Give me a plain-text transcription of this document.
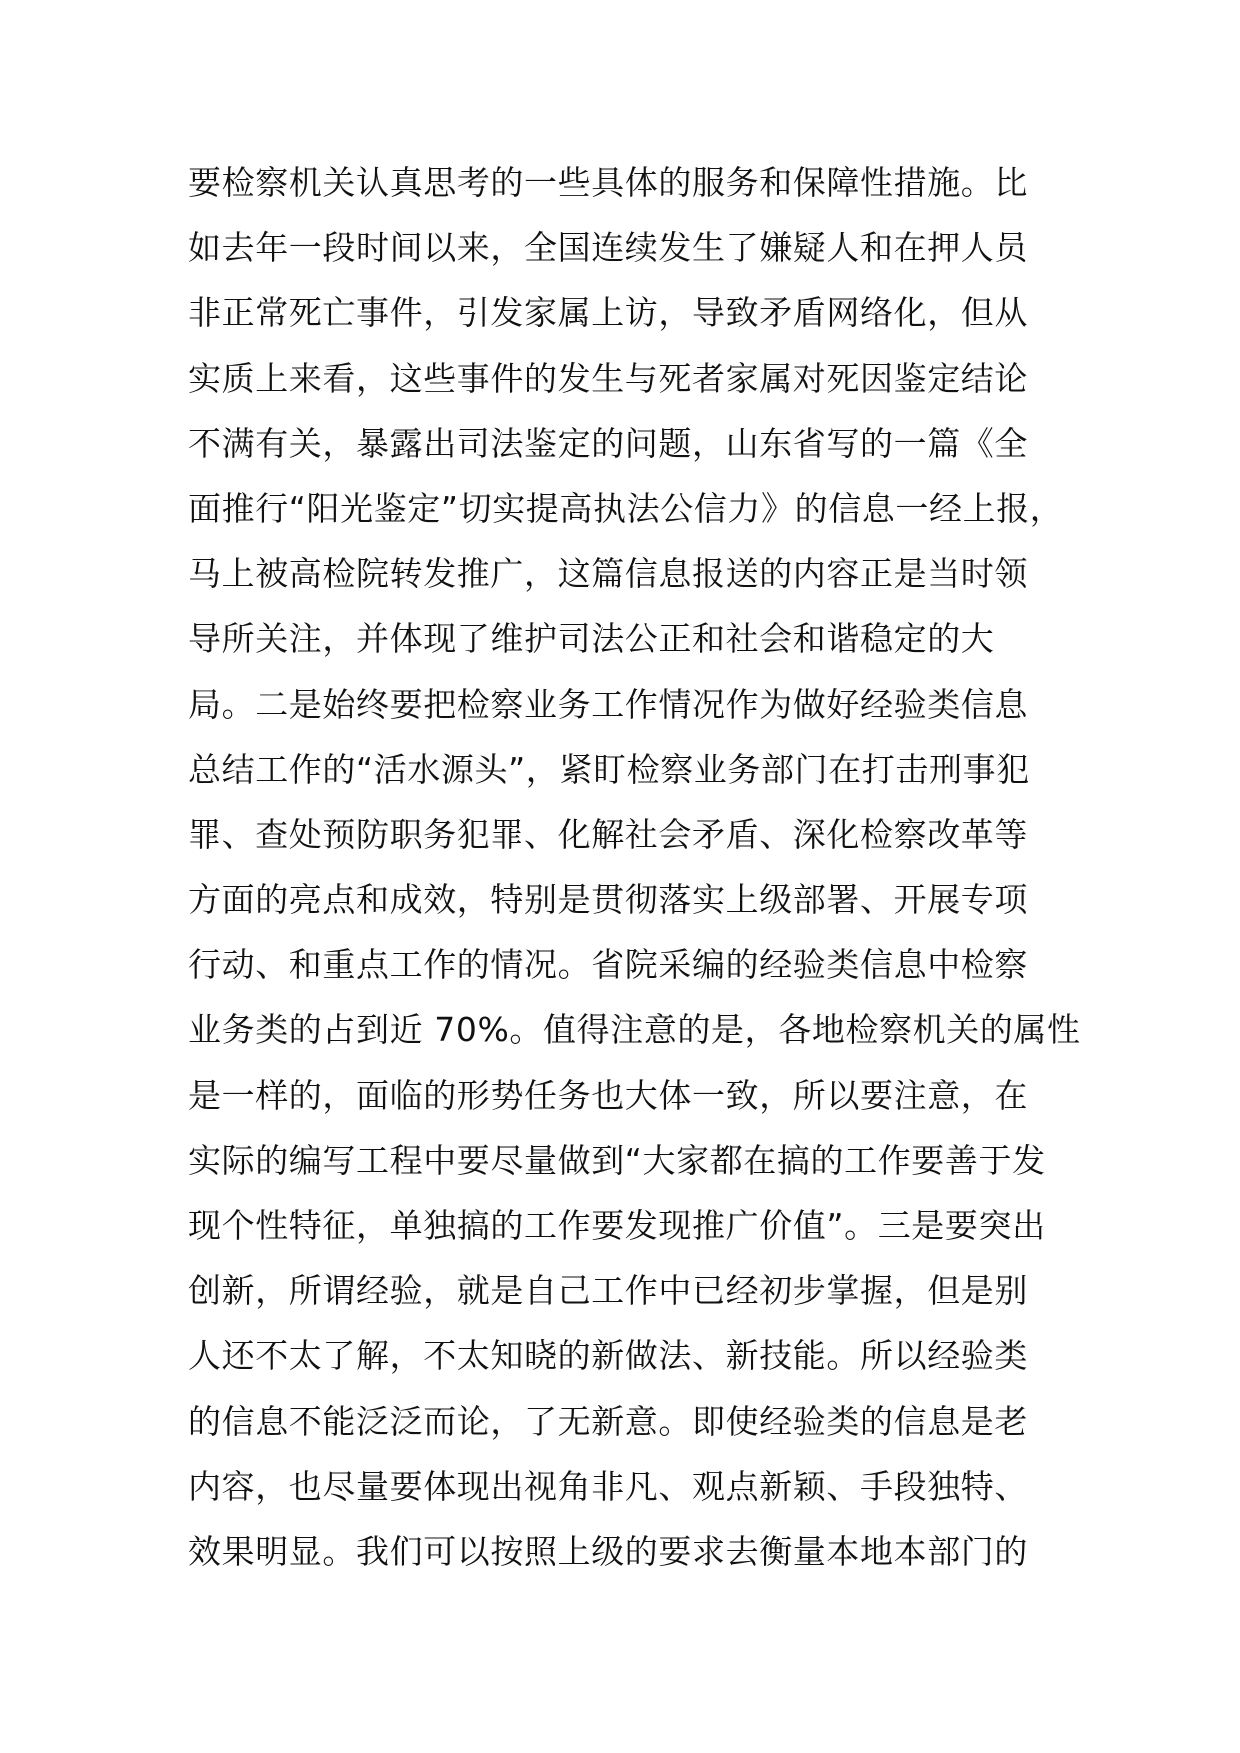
要检察机关认真思考的一些具体的服务和保障性措施。比
如去年一段时间以来，全国连续发生了嫌疑人和在押人员
非正常死亡事件，引发家属上访，导致矛盾网络化，但从
实质上来看，这些事件的发生与死者家属对死因鉴定结论
不满有关，暴露出司法鉴定的问题，山东省写的一篇《全
面推行“阳光鉴定”切实提高执法公信力》的信息一经上报，
马上被高检院转发推广，这篇信息报送的内容正是当时领
导所关注，并体现了维护司法公正和社会和谐稳定的大
局。二是始终要把检察业务工作情况作为做好经验类信息
总结工作的“活水源头”，紧盯检察业务部门在打击刑事犯
罪、查处预防职务犯罪、化解社会矛盾、深化检察改革等
方面的亮点和成效，特别是贯彻落实上级部署、开展专项
行动、和重点工作的情况。省院采编的经验类信息中检察
业务类的占到近 70%。值得注意的是，各地检察机关的属性
是一样的，面临的形势任务也大体一致，所以要注意，在
实际的编写工程中要尽量做到“大家都在搞的工作要善于发
现个性特征，单独搞的工作要发现推广价值”。三是要突出
创新，所谓经验，就是自己工作中已经初步掌握，但是别
人还不太了解，不太知晓的新做法、新技能。所以经验类
的信息不能泛泛而论，了无新意。即使经验类的信息是老
内容，也尽量要体现出视角非凡、观点新颖、手段独特、
效果明显。我们可以按照上级的要求去衡量本地本部门的
